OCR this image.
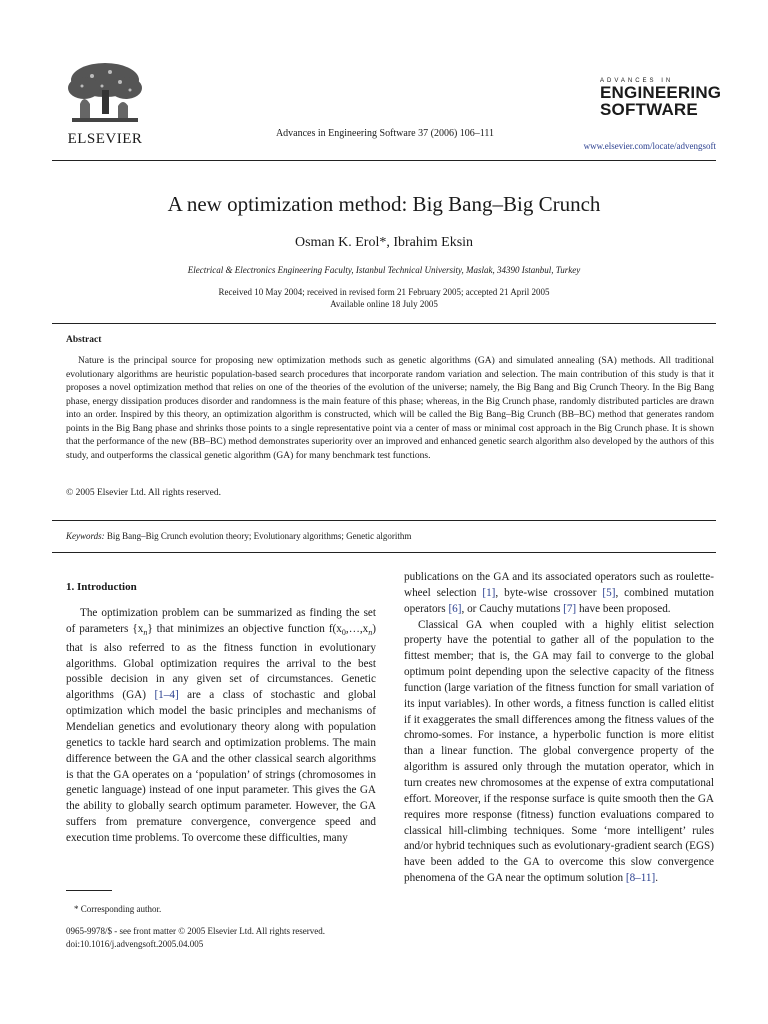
ELSEVIER	Advances in Engineering Software 37 (2006) 106–111
ADVANCES IN
ENGINEERING
SOFTWARE
www.elsevier.com/locate/advengsoft
A new optimization method: Big Bang–Big Crunch
Osman K. Erol*, Ibrahim Eksin
Electrical & Electronics Engineering Faculty, Istanbul Technical University, Maslak, 34390 Istanbul, Turkey
Received 10 May 2004; received in revised form 21 February 2005; accepted 21 April 2005
Available online 18 July 2005
Abstract
Nature is the principal source for proposing new optimization methods such as genetic algorithms (GA) and simulated annealing (SA) methods. All traditional evolutionary algorithms are heuristic population-based search procedures that incorporate random variation and selection. The main contribution of this study is that it proposes a novel optimization method that relies on one of the theories of the evolution of the universe; namely, the Big Bang and Big Crunch Theory. In the Big Bang phase, energy dissipation produces disorder and randomness is the main feature of this phase; whereas, in the Big Crunch phase, randomly distributed particles are drawn into an order. Inspired by this theory, an optimization algorithm is constructed, which will be called the Big Bang–Big Crunch (BB–BC) method that generates random points in the Big Bang phase and shrinks those points to a single representative point via a center of mass or minimal cost approach in the Big Crunch phase. It is shown that the performance of the new (BB–BC) method demonstrates superiority over an improved and enhanced genetic search algorithm also developed by the authors of this study, and outperforms the classical genetic algorithm (GA) for many benchmark test functions.
© 2005 Elsevier Ltd. All rights reserved.
Keywords: Big Bang–Big Crunch evolution theory; Evolutionary algorithms; Genetic algorithm
1. Introduction

The optimization problem can be summarized as finding the set of parameters $\{x_n\}$ that minimizes an objective function $f(x_0,\dots,x_n)$ that is also referred to as the fitness function in evolutionary algorithms. Global optimization requires the arrival to the best possible decision in any given set of circumstances. Genetic algorithms (GA) [1–4] are a class of stochastic and global optimization which model the basic principles and mechanisms of Mendelian genetics and evolutionary theory along with population genetics to tackle hard search and optimization problems. The main difference between the GA and the other classical search algorithms is that the GA operates on a ‘population’ of strings (chromosomes in genetic language) instead of one input parameter. This gives the GA the ability to globally search optimum parameter. However, the GA suffers from premature convergence, convergence speed and execution time problems. To overcome these difficulties, many

publications on the GA and its associated operators such as roulette-wheel selection [1], byte-wise crossover [5], combined mutation operators [6], or Cauchy mutations [7] have been proposed.

Classical GA when coupled with a highly elitist selection property have the potential to gather all of the population to the fittest member; that is, the GA may fail to converge to the global optimum point depending upon the selective capacity of the fitness function (large variation of the fitness function for small variation of its input variables). In other words, a fitness function is called elitist if it exaggerates the small differences among the fitness values of the chromo-somes. For instance, a hyperbolic function is more elitist than a linear function. The global convergence property of the algorithm is assured only through the mutation operator, which in turn creates new chromosomes at the expense of extra computational effort. Moreover, if the response surface is quite smooth then the GA requires more response (fitness) function evaluations compared to classical hill-climbing techniques. Some ‘more intelligent’ rules and/or hybrid techniques such as evolutionary-gradient search (EGS) have been added to the GA to overcome this slow convergence phenomena of the GA near the optimum solution [8–11].

* Corresponding author.
0965-9978/$ - see front matter © 2005 Elsevier Ltd. All rights reserved.
doi:10.1016/j.advengsoft.2005.04.005
